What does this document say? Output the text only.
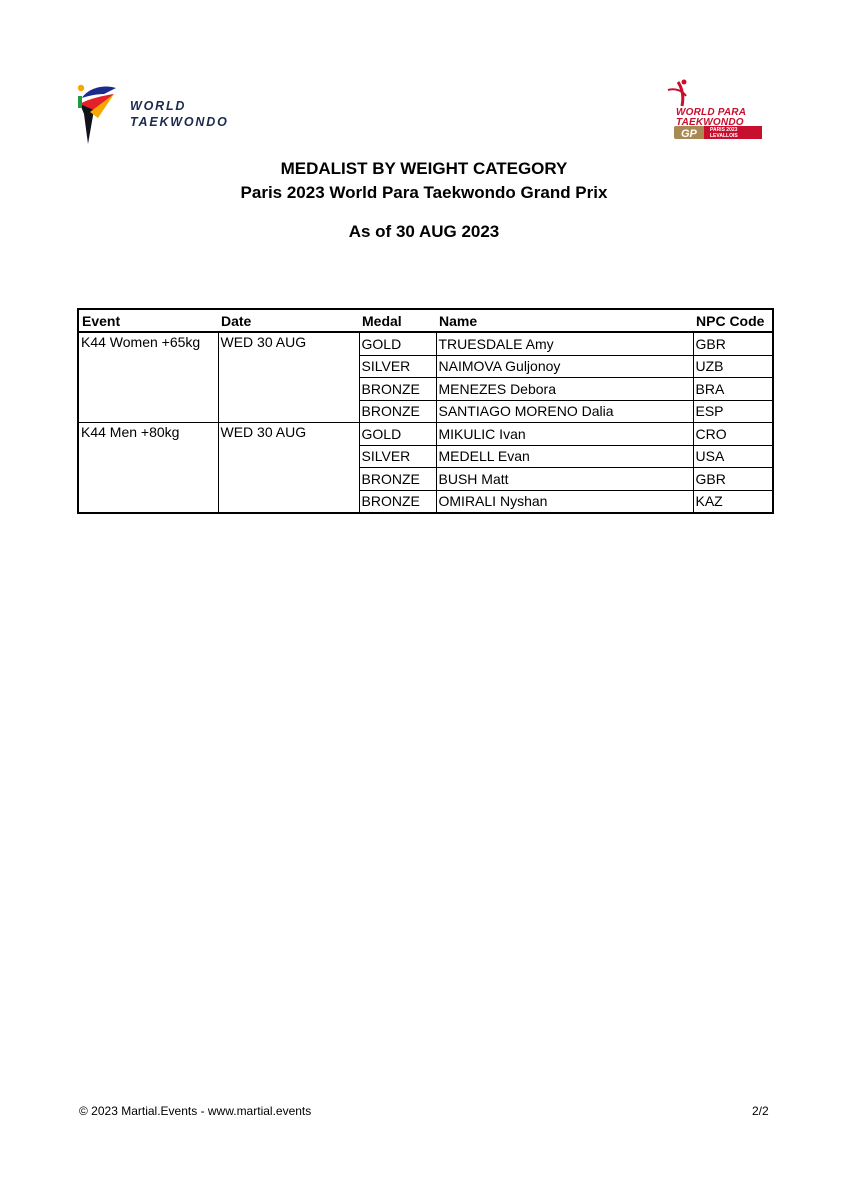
WORLD
TAEKWONDO
WORLD PARA
TAEKWONDO
GP	PARIS 2023
LEVALLOIS
MEDALIST BY WEIGHT CATEGORY
Paris 2023 World Para Taekwondo Grand Prix
As of 30 AUG 2023
Event	Date	Medal	Name	NPC Code
K44 Women +65kg	WED 30 AUG	GOLD	TRUESDALE Amy	GBR
		SILVER	NAIMOVA Guljonoy	UZB
		BRONZE	MENEZES Debora	BRA
		BRONZE	SANTIAGO MORENO Dalia	ESP
K44 Men +80kg	WED 30 AUG	GOLD	MIKULIC Ivan	CRO
		SILVER	MEDELL Evan	USA
		BRONZE	BUSH Matt	GBR
		BRONZE	OMIRALI Nyshan	KAZ
© 2023 Martial.Events - www.martial.events	2/2
